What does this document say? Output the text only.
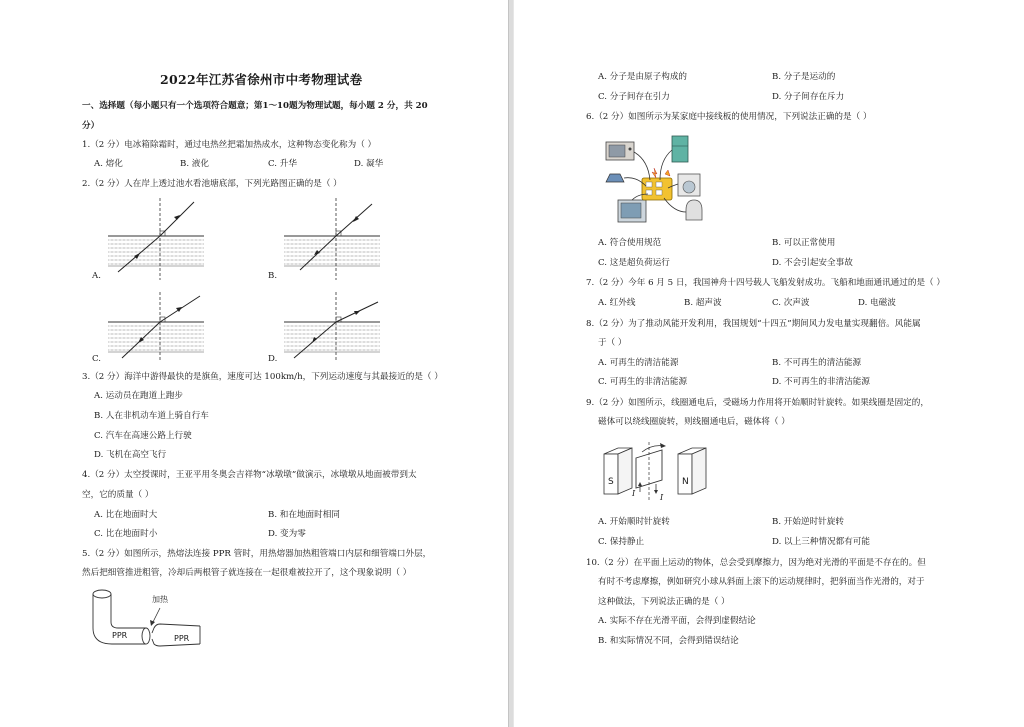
2022年江苏省徐州市中考物理试卷
一、选择题（每小题只有一个选项符合题意；第1～10题为物理试题，每小题 2 分，共 20
分）
1.（2 分）电冰箱除霜时，通过电热丝把霜加热成水，这种物态变化称为（ ）
A. 熔化	B. 液化	C. 升华	D. 凝华
2.（2 分）人在岸上透过池水看池塘底部，下列光路图正确的是（ ）
A.	B.
C.	D.
3.（2 分）海洋中游得最快的是旗鱼，速度可达 100km/h，下列运动速度与其最接近的是（ ）
A. 运动员在跑道上跑步
B. 人在非机动车道上骑自行车
C. 汽车在高速公路上行驶
D. 飞机在高空飞行
4.（2 分）太空授课时，王亚平用冬奥会吉祥物“冰墩墩”做演示，冰墩墩从地面被带到太
空，它的质量（ ）
A. 比在地面时大	B. 和在地面时相同
C. 比在地面时小	D. 变为零
5.（2 分）如图所示，热熔法连接 PPR 管时，用热熔器加热粗管端口内层和细管端口外层，
然后把细管推进粗管，冷却后两根管子就连接在一起很难被拉开了，这个现象说明（ ）
加热
PPR	PPR
A. 分子是由原子构成的	B. 分子是运动的
C. 分子间存在引力	D. 分子间存在斥力
6.（2 分）如图所示为某家庭中接线板的使用情况，下列说法正确的是（ ）
A. 符合使用规范	B. 可以正常使用
C. 这是超负荷运行	D. 不会引起安全事故
7.（2 分）今年 6 月 5 日，我国神舟十四号载人飞船发射成功。飞船和地面通讯通过的是（ ）
A. 红外线	B. 超声波	C. 次声波	D. 电磁波
8.（2 分）为了推动风能开发利用，我国规划“十四五”期间风力发电量实现翻倍。风能属
于（ ）
A. 可再生的清洁能源	B. 不可再生的清洁能源
C. 可再生的非清洁能源	D. 不可再生的非清洁能源
9.（2 分）如图所示，线圈通电后，受磁场力作用将开始顺时针旋转。如果线圈是固定的，
磁体可以绕线圈旋转，则线圈通电后，磁体将（ ）
S	N
I	I
A. 开始顺时针旋转	B. 开始逆时针旋转
C. 保持静止	D. 以上三种情况都有可能
10.（2 分）在平面上运动的物体，总会受到摩擦力，因为绝对光滑的平面是不存在的。但
有时不考虑摩擦，例如研究小球从斜面上滚下的运动规律时，把斜面当作光滑的，对于
这种做法，下列说法正确的是（ ）
A. 实际不存在光滑平面，会得到虚假结论
B. 和实际情况不同，会得到错误结论
